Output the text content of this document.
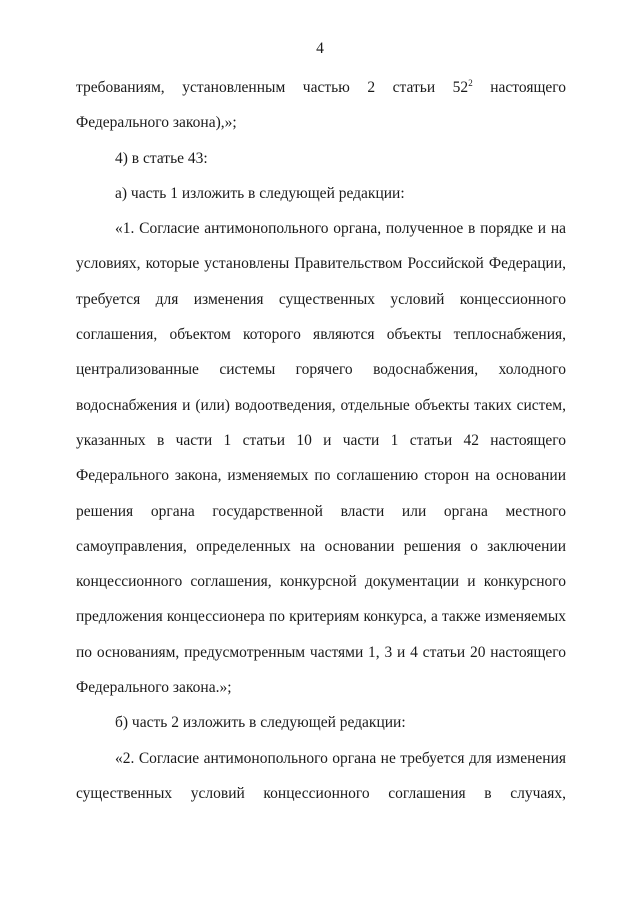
4
требованиям, установленным частью 2 статьи $52^2$ настоящего
Федерального закона),»;
4) в статье 43:
а) часть 1 изложить в следующей редакции:
«1. Согласие антимонопольного органа, полученное в порядке и на
условиях, которые установлены Правительством Российской Федерации,
требуется для изменения существенных условий концессионного
соглашения, объектом которого являются объекты теплоснабжения,
централизованные системы горячего водоснабжения, холодного
водоснабжения и (или) водоотведения, отдельные объекты таких систем,
указанных в части 1 статьи 10 и части 1 статьи 42 настоящего
Федерального закона, изменяемых по соглашению сторон на основании
решения органа государственной власти или органа местного
самоуправления, определенных на основании решения о заключении
концессионного соглашения, конкурсной документации и конкурсного
предложения концессионера по критериям конкурса, а также изменяемых
по основаниям, предусмотренным частями 1, 3 и 4 статьи 20 настоящего
Федерального закона.»;
б) часть 2 изложить в следующей редакции:
«2. Согласие антимонопольного органа не требуется для изменения
существенных условий концессионного соглашения в случаях,
